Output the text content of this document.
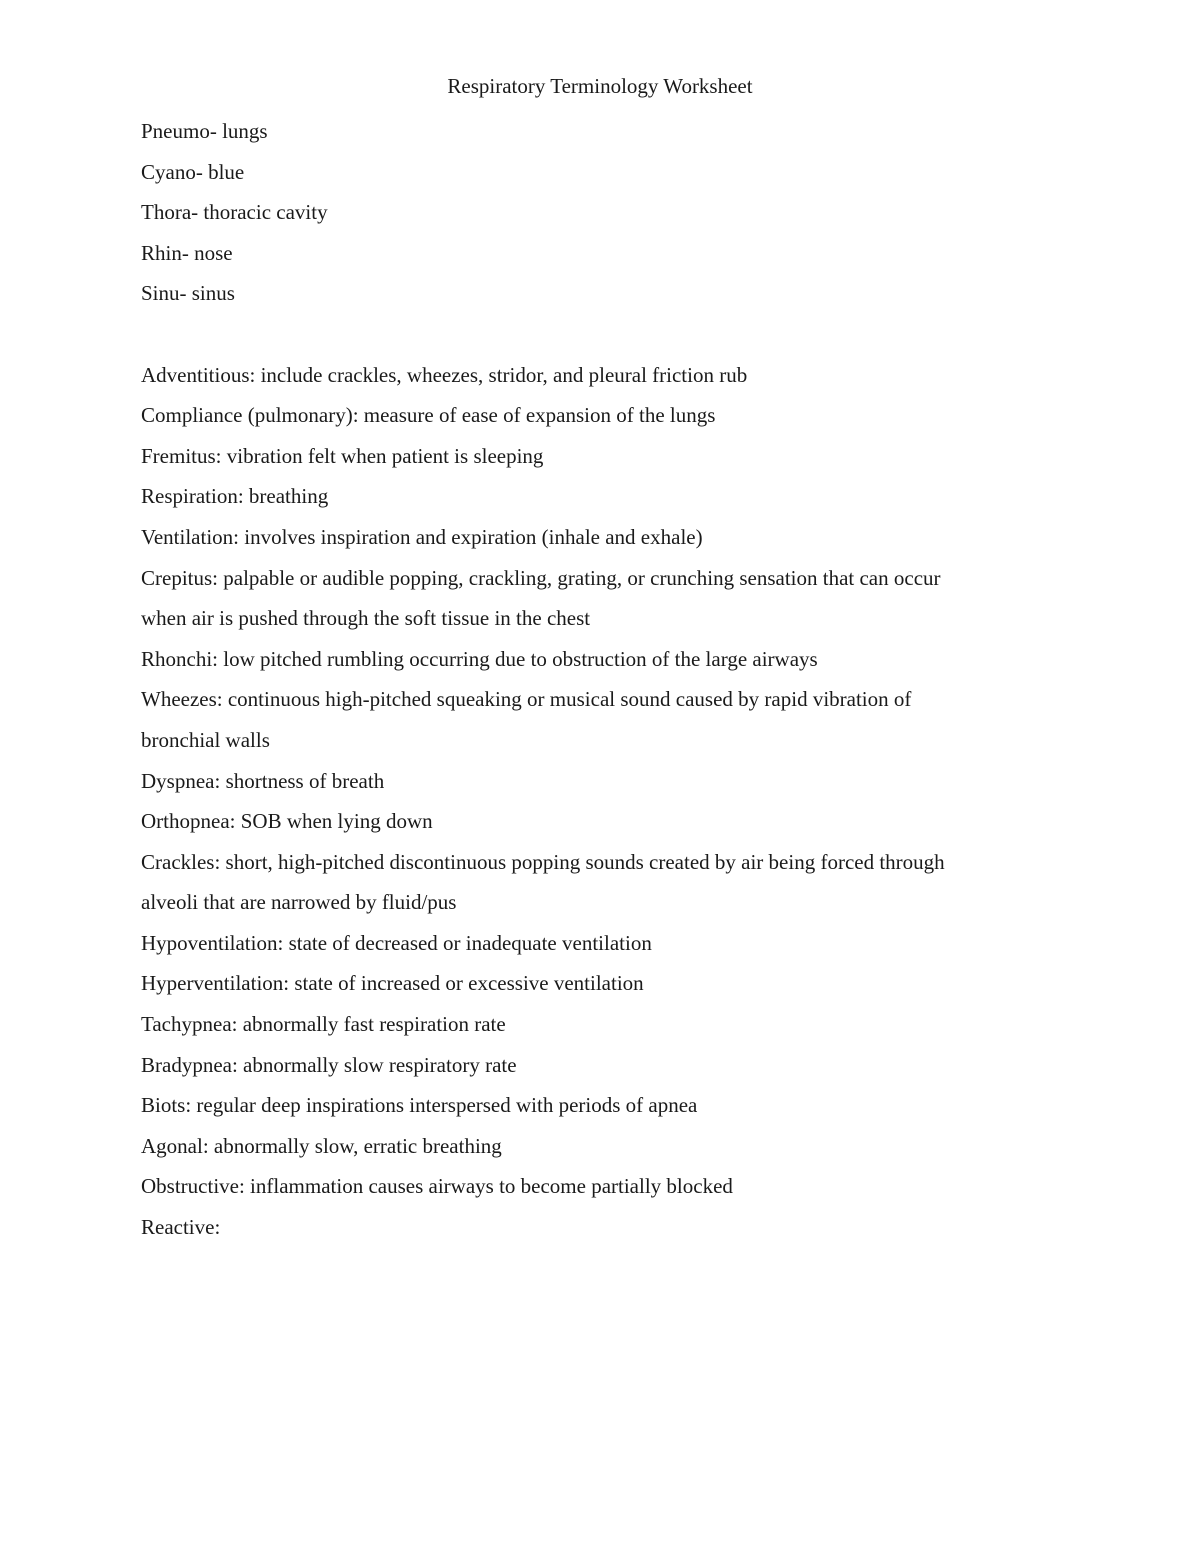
Respiratory Terminology Worksheet

Pneumo- lungs

Cyano- blue

Thora- thoracic cavity

Rhin- nose

Sinu- sinus

Adventitious: include crackles, wheezes, stridor, and pleural friction rub

Compliance (pulmonary): measure of ease of expansion of the lungs

Fremitus: vibration felt when patient is sleeping

Respiration: breathing

Ventilation: involves inspiration and expiration (inhale and exhale)

Crepitus: palpable or audible popping, crackling, grating, or crunching sensation that can occur

when air is pushed through the soft tissue in the chest

Rhonchi: low pitched rumbling occurring due to obstruction of the large airways

Wheezes: continuous high-pitched squeaking or musical sound caused by rapid vibration of

bronchial walls

Dyspnea: shortness of breath

Orthopnea: SOB when lying down

Crackles: short, high-pitched discontinuous popping sounds created by air being forced through

alveoli that are narrowed by fluid/pus

Hypoventilation: state of decreased or inadequate ventilation

Hyperventilation: state of increased or excessive ventilation

Tachypnea: abnormally fast respiration rate

Bradypnea: abnormally slow respiratory rate

Biots: regular deep inspirations interspersed with periods of apnea

Agonal: abnormally slow, erratic breathing

Obstructive: inflammation causes airways to become partially blocked

Reactive:
